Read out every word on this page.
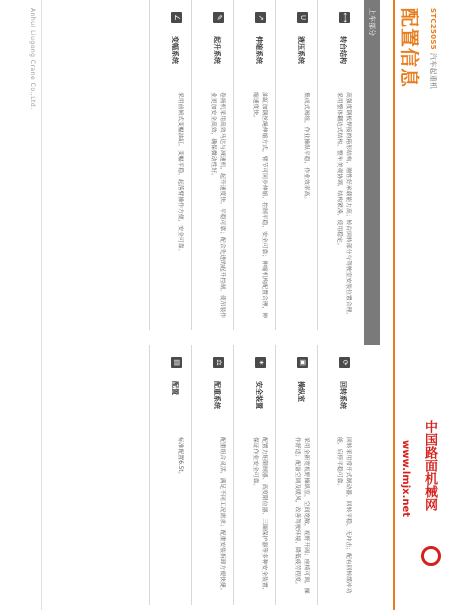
STC250S5汽车起重机
配置信息
上车部分
⟷
转台结构
高强度钢板焊接的箱形结构，刚性好承载能力高；转台回转部分与驾驶室安装位置合理，采用整体翻边式结构，整车美观协调，结构紧凑，使用稳定。
U
液压系统
集成式阀组，作业操纵平稳，作业效率高。
↗
伸缩系统
油缸加钢丝绳伸缩方式，臂节可同步伸缩，控制平稳，安全可靠；伸缩机构配置合理，伸缩速度快。
✎
起升系统
卷扬机采用高效马达与减速机，起升速度快，平稳可靠；配合先进的起升控制，使吊装作业更加安全高效，确保微动性好。
∠
变幅系统
采用前倾式变幅油缸，变幅平稳，起落臂操作方便，安全可靠。
⟳
回转系统
回转采用常开式制动器，回转平稳，无冲击；配有回转缓冲功能，启停平稳可靠。
▣
操纵室
采用全新宽视野操纵室，空间宽敞，视野开阔；座椅可调，操作舒适；配备空调及暖风，改善驾驶环境，降低疲劳程度。
✶
安全装置
配置力矩限制器、高度限位器、三圈保护器等多种安全装置，保证作业安全可靠。
⚖
配重系统
配重组合灵活，满足不同工况需求；配重安装拆卸方便快捷。
▤
配置
标准配置6.5t。
Anhui Liugong Crane Co.,Ltd.
中国路面机械网
www.lmjx.net
